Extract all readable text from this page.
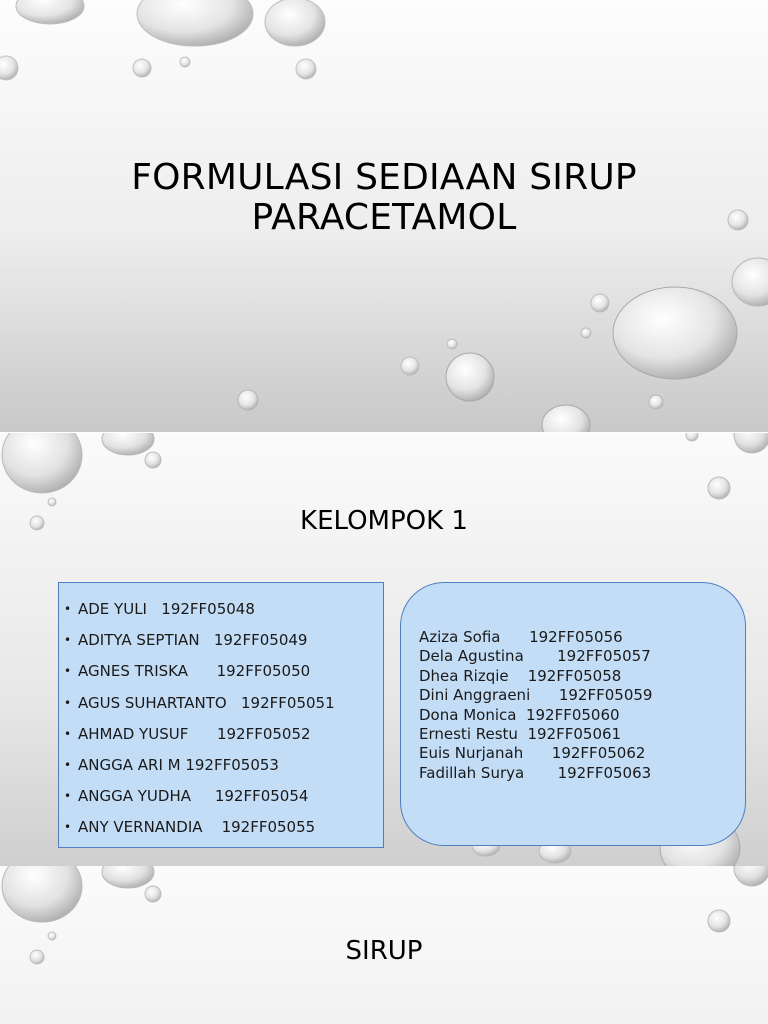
FORMULASI SEDIAAN SIRUP
PARACETAMOL
KELOMPOK 1
• ADE YULI   192FF05048
• ADITYA SEPTIAN   192FF05049
• AGNES TRISKA      192FF05050
• AGUS SUHARTANTO   192FF05051
• AHMAD YUSUF      192FF05052
• ANGGA ARI M 192FF05053
• ANGGA YUDHA     192FF05054
• ANY VERNANDIA    192FF05055
Aziza Sofia      192FF05056
Dela Agustina       192FF05057
Dhea Rizqie    192FF05058
Dini Anggraeni      192FF05059
Dona Monica  192FF05060
Ernesti Restu  192FF05061
Euis Nurjanah      192FF05062
Fadillah Surya       192FF05063
SIRUP
